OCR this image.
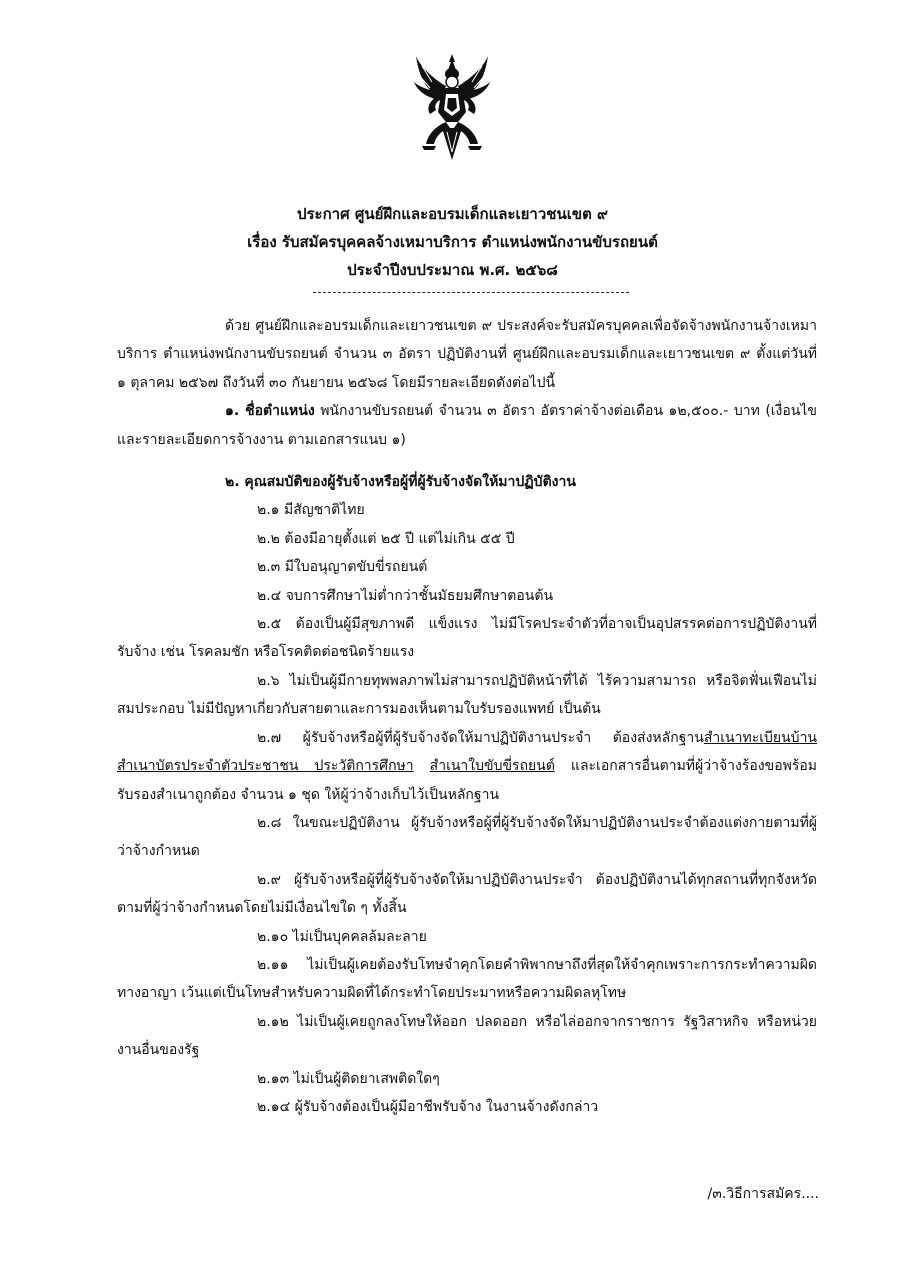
ประกาศ ศูนย์ฝึกและอบรมเด็กและเยาวชนเขต ๙
เรื่อง รับสมัครบุคคลจ้างเหมาบริการ ตำแหน่งพนักงานขับรถยนต์
ประจำปีงบประมาณ พ.ศ. ๒๕๖๘

ด้วย ศูนย์ฝึกและอบรมเด็กและเยาวชนเขต ๙ ประสงค์จะรับสมัครบุคคลเพื่อจัดจ้างพนักงานจ้างเหมาบริการ ตำแหน่งพนักงานขับรถยนต์ จำนวน ๓ อัตรา ปฏิบัติงานที่ ศูนย์ฝึกและอบรมเด็กและเยาวชนเขต ๙ ตั้งแต่วันที่ ๑ ตุลาคม ๒๕๖๗ ถึงวันที่ ๓๐ กันยายน ๒๕๖๘ โดยมีรายละเอียดดังต่อไปนี้

๑. ชื่อตำแหน่ง พนักงานขับรถยนต์ จำนวน ๓ อัตรา อัตราค่าจ้างต่อเดือน ๑๒,๕๐๐.- บาท (เงื่อนไขและรายละเอียดการจ้างงาน ตามเอกสารแนบ ๑)

๒. คุณสมบัติของผู้รับจ้างหรือผู้ที่ผู้รับจ้างจัดให้มาปฏิบัติงาน

๒.๑ มีสัญชาติไทย

๒.๒ ต้องมีอายุตั้งแต่ ๒๕ ปี แต่ไม่เกิน ๕๕ ปี

๒.๓ มีใบอนุญาตขับขี่รถยนต์

๒.๔ จบการศึกษาไม่ต่ำกว่าชั้นมัธยมศึกษาตอนต้น

๒.๕ ต้องเป็นผู้มีสุขภาพดี แข็งแรง ไม่มีโรคประจำตัวที่อาจเป็นอุปสรรคต่อการปฏิบัติงานที่รับจ้าง เช่น โรคลมชัก หรือโรคติดต่อชนิดร้ายแรง

๒.๖ ไม่เป็นผู้มีกายทุพพลภาพไม่สามารถปฏิบัติหน้าที่ได้ ไร้ความสามารถ หรือจิตฟั่นเฟือนไม่สมประกอบ ไม่มีปัญหาเกี่ยวกับสายตาและการมองเห็นตามใบรับรองแพทย์ เป็นต้น

๒.๗ ผู้รับจ้างหรือผู้ที่ผู้รับจ้างจัดให้มาปฏิบัติงานประจำ ต้องส่งหลักฐานสำเนาทะเบียนบ้าน สำเนาบัตรประจำตัวประชาชน ประวัติการศึกษา สำเนาใบขับขี่รถยนต์ และเอกสารอื่นตามที่ผู้ว่าจ้างร้องขอพร้อมรับรองสำเนาถูกต้อง จำนวน ๑ ชุด ให้ผู้ว่าจ้างเก็บไว้เป็นหลักฐาน

๒.๘ ในขณะปฏิบัติงาน ผู้รับจ้างหรือผู้ที่ผู้รับจ้างจัดให้มาปฏิบัติงานประจำต้องแต่งกายตามที่ผู้ว่าจ้างกำหนด

๒.๙ ผู้รับจ้างหรือผู้ที่ผู้รับจ้างจัดให้มาปฏิบัติงานประจำ ต้องปฏิบัติงานได้ทุกสถานที่ทุกจังหวัด ตามที่ผู้ว่าจ้างกำหนดโดยไม่มีเงื่อนไขใด ๆ ทั้งสิ้น

๒.๑๐ ไม่เป็นบุคคลล้มละลาย

๒.๑๑ ไม่เป็นผู้เคยต้องรับโทษจำคุกโดยคำพิพากษาถึงที่สุดให้จำคุกเพราะการกระทำความผิดทางอาญา เว้นแต่เป็นโทษสำหรับความผิดที่ได้กระทำโดยประมาทหรือความผิดลหุโทษ

๒.๑๒ ไม่เป็นผู้เคยถูกลงโทษให้ออก ปลดออก หรือไล่ออกจากราชการ รัฐวิสาหกิจ หรือหน่วยงานอื่นของรัฐ

๒.๑๓ ไม่เป็นผู้ติดยาเสพติดใดๆ

๒.๑๔ ผู้รับจ้างต้องเป็นผู้มีอาชีพรับจ้าง ในงานจ้างดังกล่าว

/๓.วิธีการสมัคร....
